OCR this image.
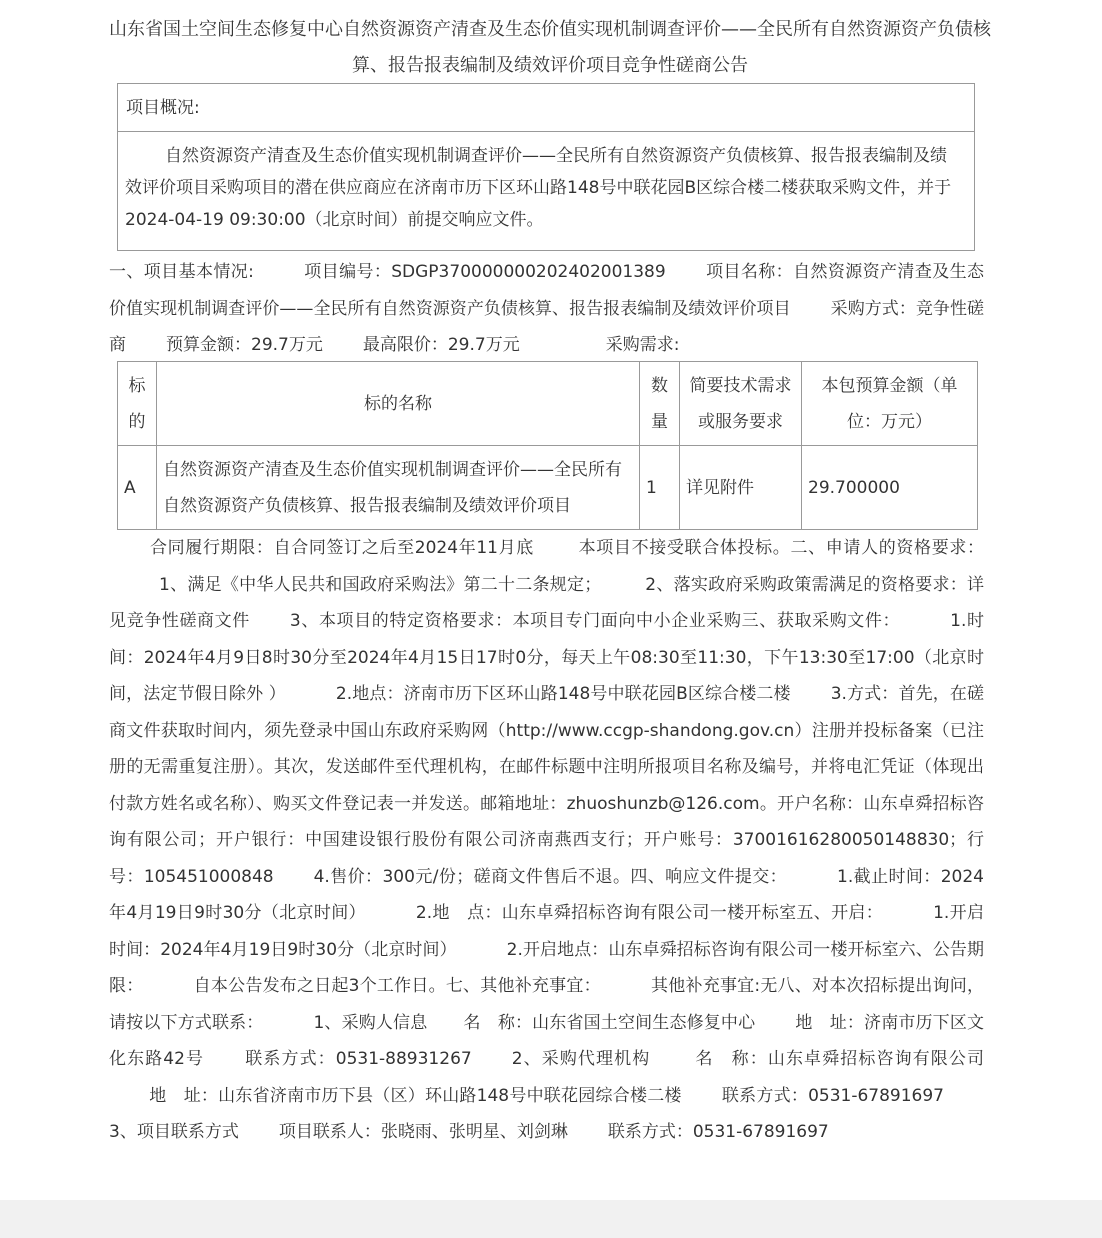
山东省国土空间生态修复中心自然资源资产清查及生态价值实现机制调查评价——全民所有自然资源资产负债核算、报告报表编制及绩效评价项目竞争性磋商公告
项目概况:
自然资源资产清查及生态价值实现机制调查评价——全民所有自然资源资产负债核算、报告报表编制及绩效评价项目采购项目的潜在供应商应在济南市历下区环山路148号中联花园B区综合楼二楼获取采购文件，并于2024-04-19 09:30:00（北京时间）前提交响应文件。
一、项目基本情况:	项目编号：SDGP370000000202402001389 项目名称：自然资源资产清查及生态价值实现机制调查评价——全民所有自然资源资产负债核算、报告报表编制及绩效评价项目 采购方式：竞争性磋商 预算金额：29.7万元 最高限价：29.7万元	采购需求:
标的	标的名称	数量	简要技术需求或服务要求	本包预算金额（单位：万元）
A	自然资源资产清查及生态价值实现机制调查评价——全民所有自然资源资产负债核算、报告报表编制及绩效评价项目	1	详见附件	29.700000
合同履行期限：自合同签订之后至2024年11月底	本项目不接受联合体投标。二、申请人的资格要求：1、满足《中华人民共和国政府采购法》第二十二条规定；	2、落实政府采购政策需满足的资格要求：详见竞争性磋商文件 3、本项目的特定资格要求：本项目专门面向中小企业采购三、获取采购文件：	1.时间：2024年4月9日8时30分至2024年4月15日17时0分，每天上午08:30至11:30，下午13:30至17:00（北京时间，法定节假日除外 ）	2.地点：济南市历下区环山路148号中联花园B区综合楼二楼 3.方式：首先，在磋商文件获取时间内，须先登录中国山东政府采购网（http://www.ccgp-shandong.gov.cn）注册并投标备案（已注册的无需重复注册）。其次，发送邮件至代理机构，在邮件标题中注明所报项目名称及编号，并将电汇凭证（体现出付款方姓名或名称）、购买文件登记表一并发送。邮箱地址：zhuoshunzb@126.com。开户名称：山东卓舜招标咨询有限公司；开户银行：中国建设银行股份有限公司济南燕西支行；开户账号：37001616280050148830；行号：105451000848 4.售价：300元/份；磋商文件售后不退。四、响应文件提交：	1.截止时间：2024年4月19日9时30分（北京时间）	2.地　点：山东卓舜招标咨询有限公司一楼开标室五、开启：	1.开启时间：2024年4月19日9时30分（北京时间）	2.开启地点：山东卓舜招标咨询有限公司一楼开标室六、公告期限：	自本公告发布之日起3个工作日。七、其他补充事宜：	其他补充事宜:无八、对本次招标提出询问，请按以下方式联系：	1、采购人信息 名　称：山东省国土空间生态修复中心 地　址：济南市历下区文化东路42号 联系方式：0531-88931267 2、采购代理机构	名　称：山东卓舜招标咨询有限公司地　址：山东省济南市历下县（区）环山路148号中联花园综合楼二楼 联系方式：0531-678916973、项目联系方式 项目联系人：张晓雨、张明星、刘剑琳 联系方式：0531-67891697
